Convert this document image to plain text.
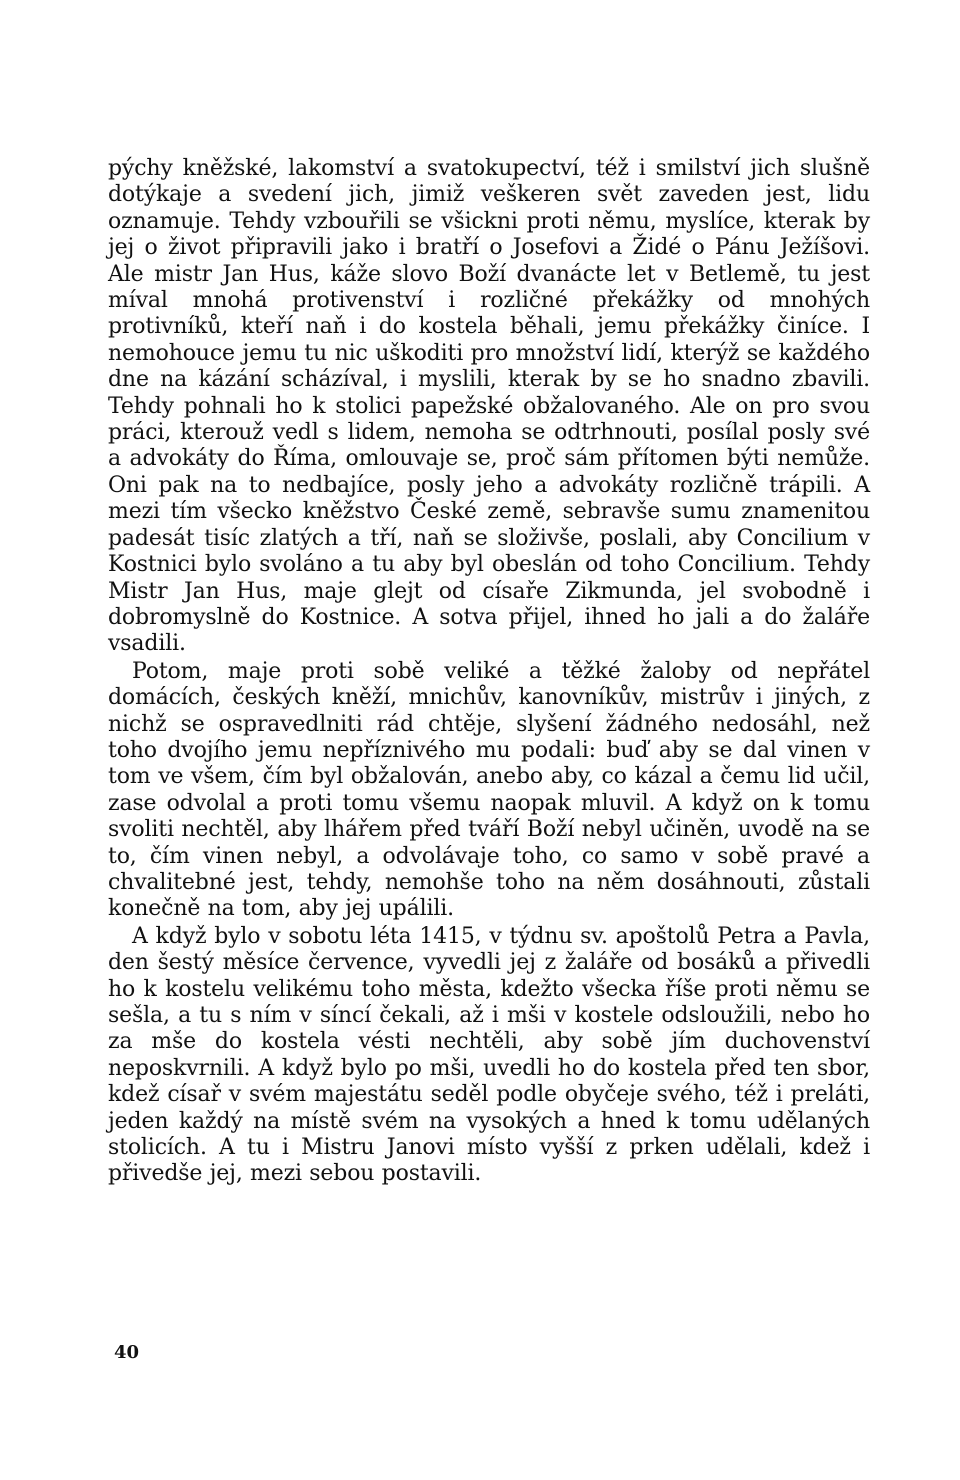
pýchy kněžské, lakomství a svatokupectví, též i smilství jich slušně dotýkaje a svedení jich, jimiž veškeren svět zaveden jest, lidu oznamuje. Tehdy vzbouřili se všickni proti němu, myslíce, kterak by jej o život připravili jako i bratří o Josefovi a Židé o Pánu Ježíšovi. Ale mistr Jan Hus, káže slovo Boží dvanácte let v Betlemě, tu jest míval mnohá protivenství i rozličné překážky od mnohých protivníků, kteří naň i do kostela běhali, jemu překážky činíce. I nemohouce jemu tu nic uškoditi pro množství lidí, kterýž se každého dne na kázání scházíval, i myslili, kterak by se ho snadno zbavili. Tehdy pohnali ho k stolici papežské obžalovaného. Ale on pro svou práci, kterouž vedl s lidem, nemoha se odtrhnouti, posílal posly své a advokáty do Říma, omlouvaje se, proč sám přítomen býti nemůže. Oni pak na to nedbajíce, posly jeho a advokáty rozličně trápili. A mezi tím všecko kněžstvo České země, sebravše sumu znamenitou padesát tisíc zlatých a tří, naň se složivše, poslali, aby Concilium v Kostnici bylo svoláno a tu aby byl obeslán od toho Concilium. Tehdy Mistr Jan Hus, maje glejt od císaře Zikmunda, jel svobodně i dobromyslně do Kostnice. A sotva přijel, ihned ho jali a do žaláře vsadili.

Potom, maje proti sobě veliké a těžké žaloby od nepřátel domácích, českých kněží, mnichův, kanovníkův, mistrův i jiných, z nichž se ospravedlniti rád chtěje, slyšení žádného nedosáhl, než toho dvojího jemu nepříznivého mu podali: buď aby se dal vinen v tom ve všem, čím byl obžalován, anebo aby, co kázal a čemu lid učil, zase odvolal a proti tomu všemu naopak mluvil. A když on k tomu svoliti nechtěl, aby lhářem před tváří Boží nebyl učiněn, uvodě na se to, čím vinen nebyl, a odvolávaje toho, co samo v sobě pravé a chvalitebné jest, tehdy, nemohše toho na něm dosáhnouti, zůstali konečně na tom, aby jej upálili.

A když bylo v sobotu léta 1415, v týdnu sv. apoštolů Petra a Pavla, den šestý měsíce července, vyvedli jej z žaláře od bosáků a přivedli ho k kostelu velikému toho města, kdežto všecka říše proti němu se sešla, a tu s ním v síncí čekali, až i mši v kostele odsloužili, nebo ho za mše do kostela vésti nechtěli, aby sobě jím duchovenství neposkvrnili. A když bylo po mši, uvedli ho do kostela před ten sbor, kdež císař v svém majestátu seděl podle obyčeje svého, též i preláti, jeden každý na místě svém na vysokých a hned k tomu udělaných stolicích. A tu i Mistru Janovi místo vyšší z prken udělali, kdež i přivedše jej, mezi sebou postavili.

40
